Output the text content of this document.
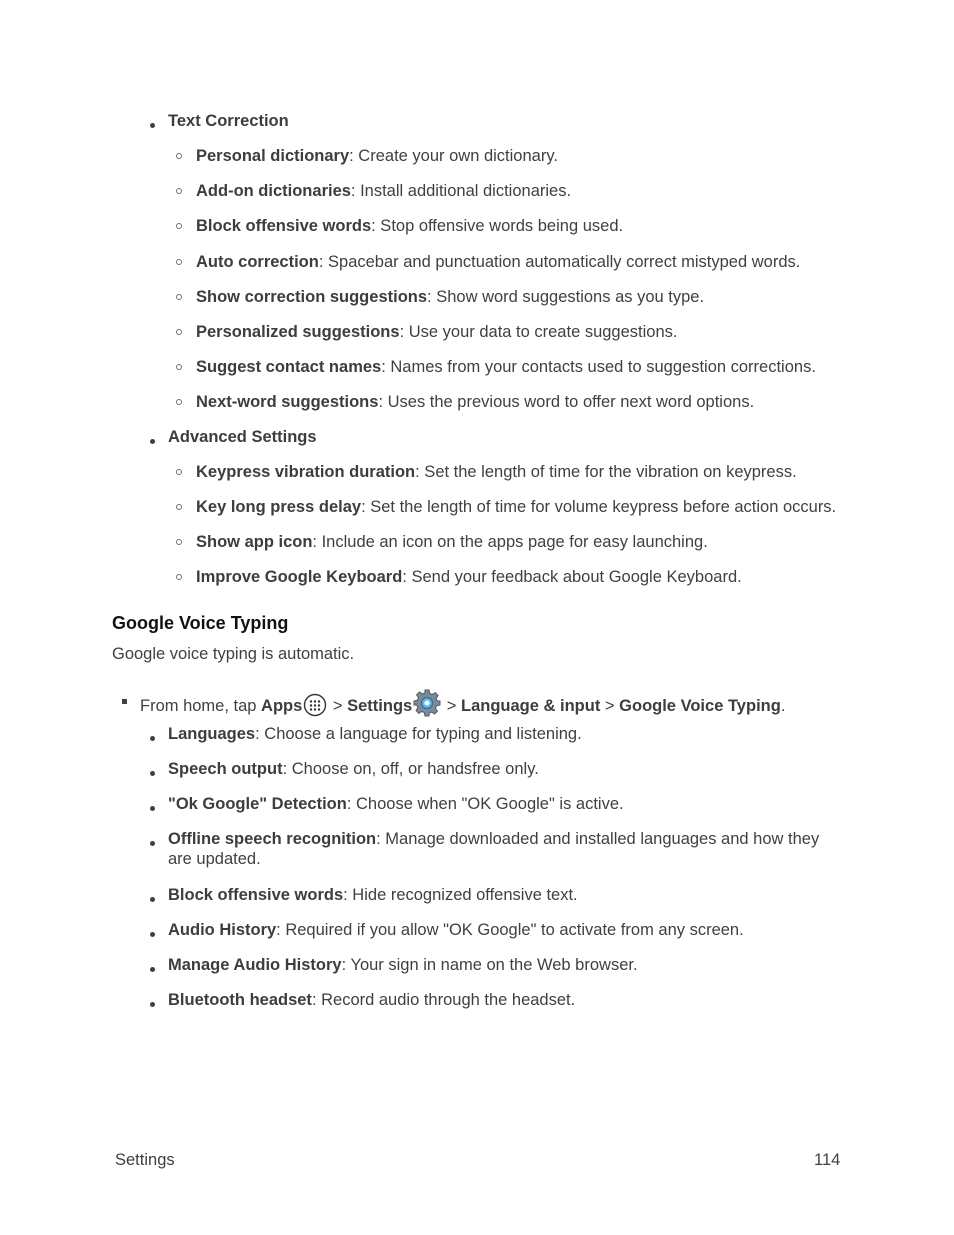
Text Correction
Personal dictionary: Create your own dictionary.
Add-on dictionaries: Install additional dictionaries.
Block offensive words: Stop offensive words being used.
Auto correction: Spacebar and punctuation automatically correct mistyped words.
Show correction suggestions: Show word suggestions as you type.
Personalized suggestions: Use your data to create suggestions.
Suggest contact names: Names from your contacts used to suggestion corrections.
Next-word suggestions: Uses the previous word to offer next word options.
Advanced Settings
Keypress vibration duration: Set the length of time for the vibration on keypress.
Key long press delay: Set the length of time for volume keypress before action occurs.
Show app icon: Include an icon on the apps page for easy launching.
Improve Google Keyboard: Send your feedback about Google Keyboard.
Google Voice Typing
Google voice typing is automatic.
From home, tap Apps > Settings > Language & input > Google Voice Typing.
Languages: Choose a language for typing and listening.
Speech output: Choose on, off, or handsfree only.
"Ok Google" Detection: Choose when "OK Google" is active.
Offline speech recognition: Manage downloaded and installed languages and how they are updated.
Block offensive words: Hide recognized offensive text.
Audio History: Required if you allow "OK Google" to activate from any screen.
Manage Audio History: Your sign in name on the Web browser.
Bluetooth headset: Record audio through the headset.
Settings	114
